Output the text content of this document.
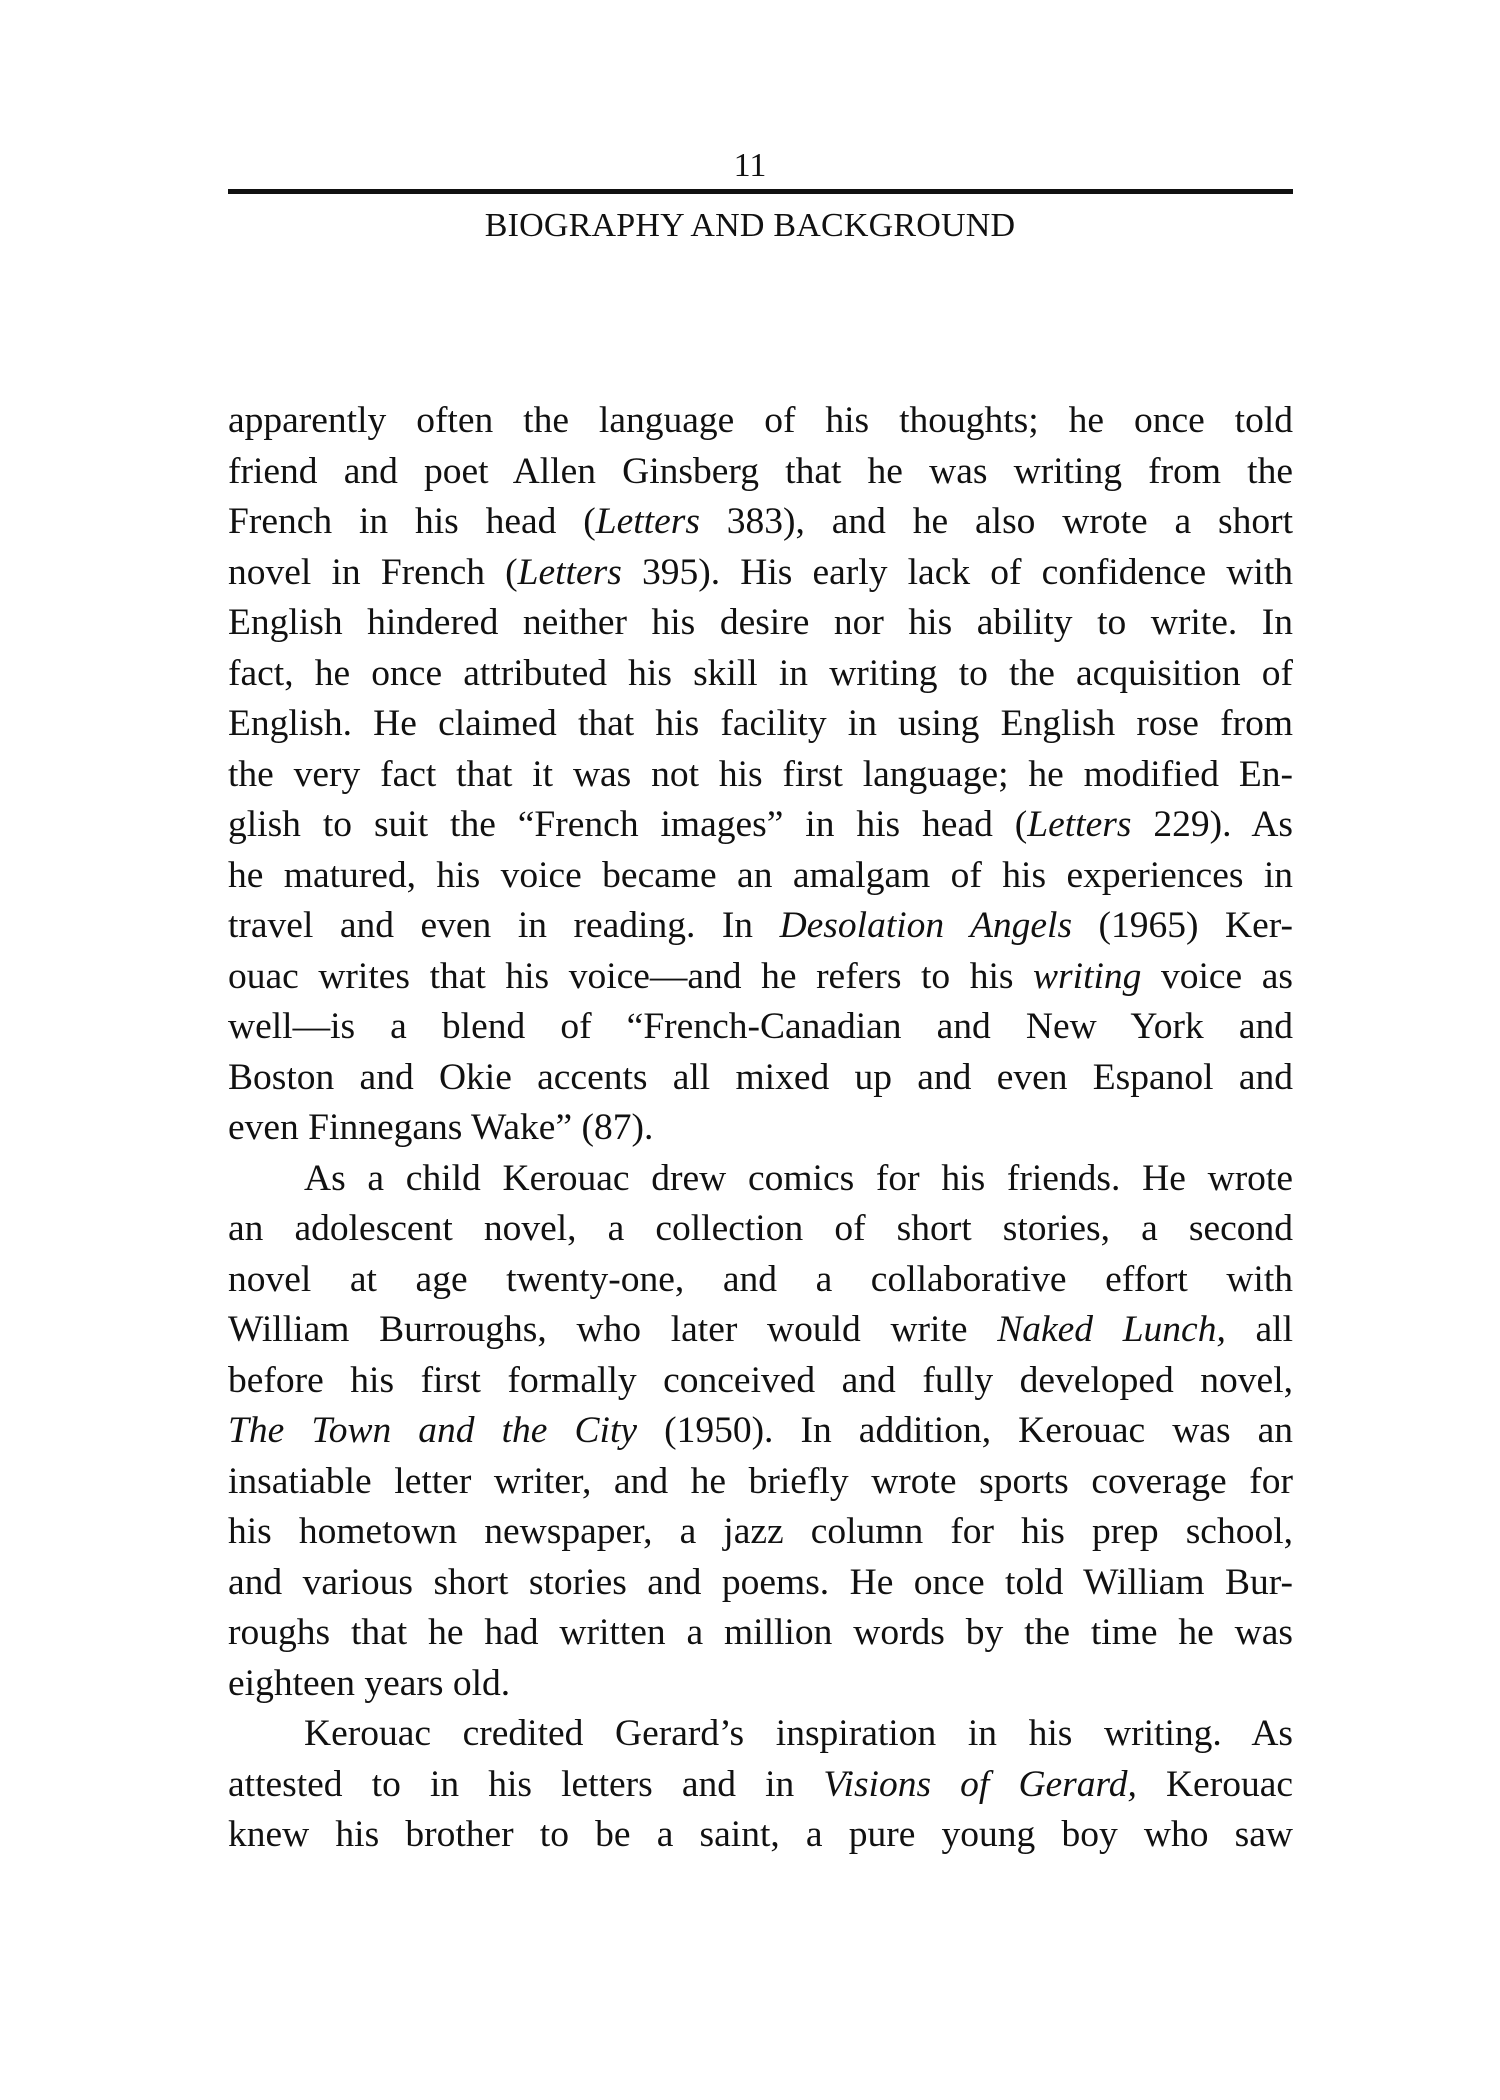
11
BIOGRAPHY AND BACKGROUND

apparently often the language of his thoughts; he once told
friend and poet Allen Ginsberg that he was writing from the
French in his head (Letters 383), and he also wrote a short
novel in French (Letters 395). His early lack of confidence with
English hindered neither his desire nor his ability to write. In
fact, he once attributed his skill in writing to the acquisition of
English. He claimed that his facility in using English rose from
the very fact that it was not his first language; he modified En-
glish to suit the “French images” in his head (Letters 229). As
he matured, his voice became an amalgam of his experiences in
travel and even in reading. In Desolation Angels (1965) Ker-
ouac writes that his voice—and he refers to his writing voice as
well—is a blend of “French-Canadian and New York and
Boston and Okie accents all mixed up and even Espanol and
even Finnegans Wake” (87).

As a child Kerouac drew comics for his friends. He wrote
an adolescent novel, a collection of short stories, a second
novel at age twenty-one, and a collaborative effort with
William Burroughs, who later would write Naked Lunch, all
before his first formally conceived and fully developed novel,
The Town and the City (1950). In addition, Kerouac was an
insatiable letter writer, and he briefly wrote sports coverage for
his hometown newspaper, a jazz column for his prep school,
and various short stories and poems. He once told William Bur-
roughs that he had written a million words by the time he was
eighteen years old.

Kerouac credited Gerard’s inspiration in his writing. As
attested to in his letters and in Visions of Gerard, Kerouac
knew his brother to be a saint, a pure young boy who saw
